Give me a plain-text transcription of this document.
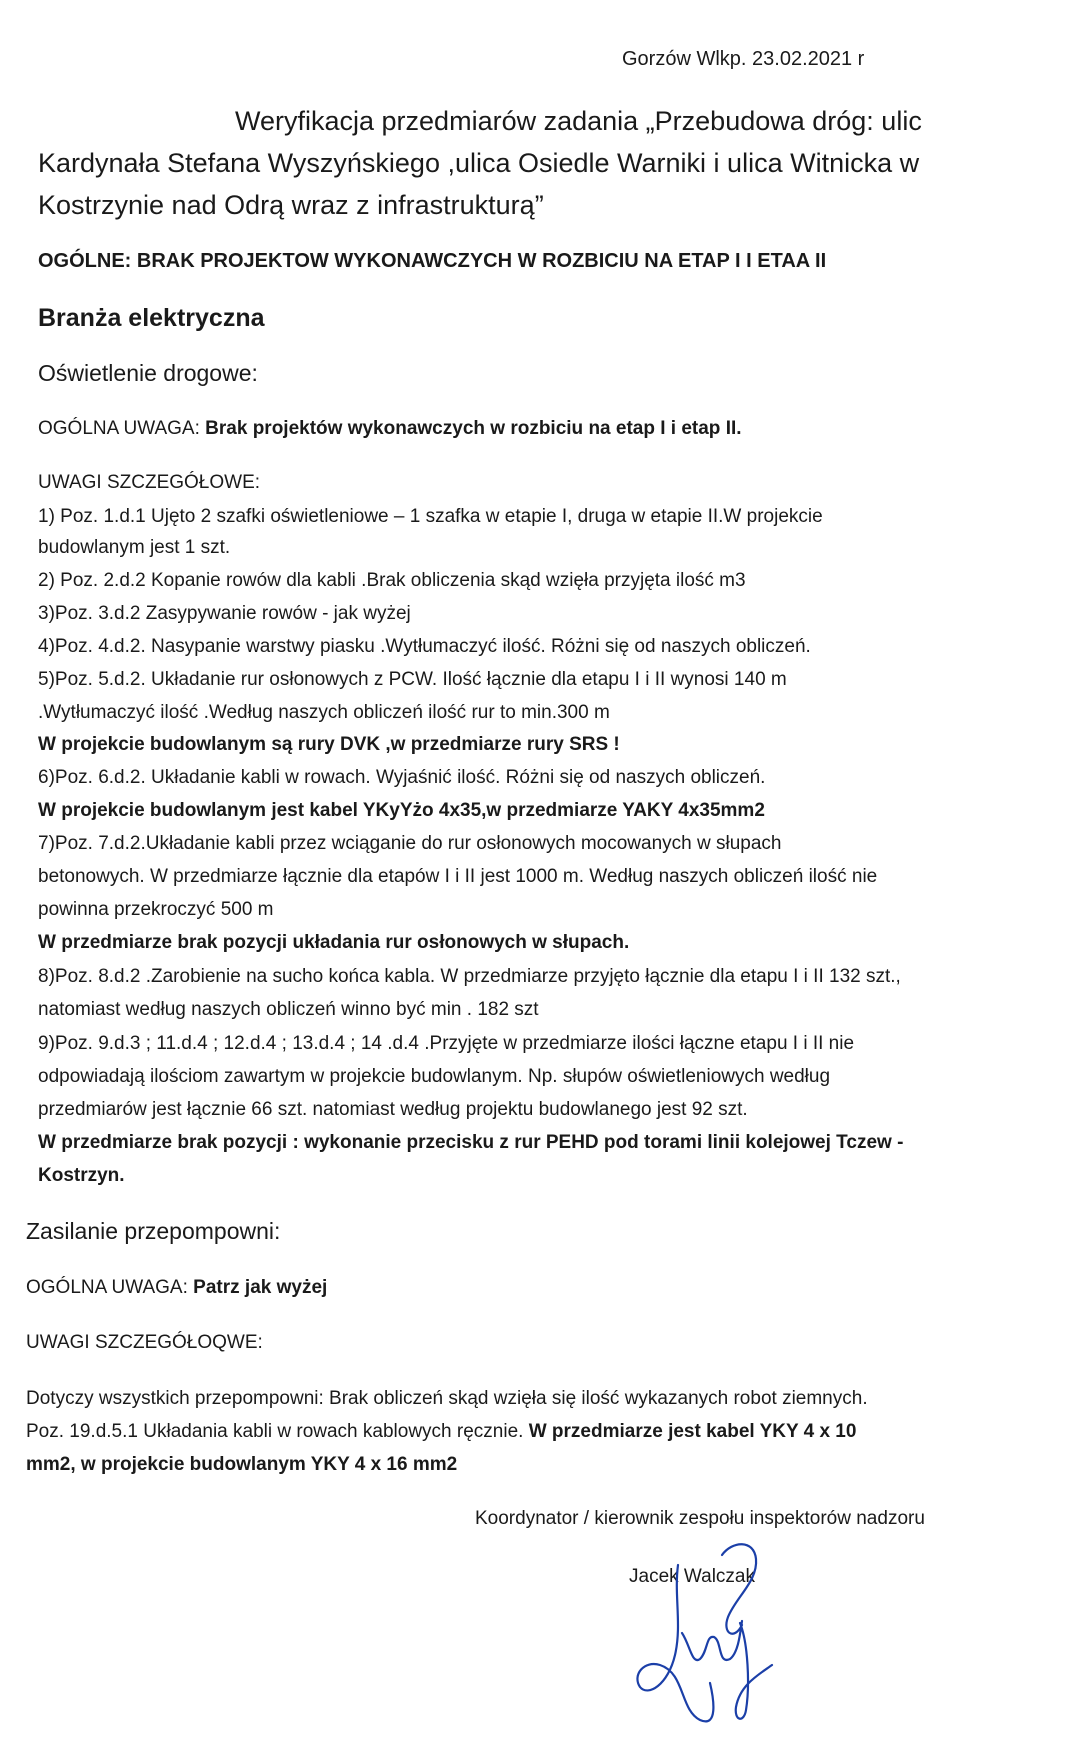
Gorzów Wlkp. 23.02.2021 r
Weryfikacja przedmiarów zadania „Przebudowa dróg: ulic
Kardynała Stefana Wyszyńskiego ,ulica Osiedle Warniki i ulica Witnicka w
Kostrzynie nad Odrą wraz z infrastrukturą”
OGÓLNE: BRAK PROJEKTOW WYKONAWCZYCH W ROZBICIU NA ETAP I I ETAA II
Branża elektryczna
Oświetlenie drogowe:
OGÓLNA UWAGA: Brak projektów wykonawczych w rozbiciu na etap I i etap II.
UWAGI SZCZEGÓŁOWE:
1) Poz. 1.d.1 Ujęto 2 szafki oświetleniowe – 1 szafka w etapie I, druga w etapie II.W projekcie
budowlanym jest 1 szt.
2) Poz. 2.d.2 Kopanie rowów dla kabli .Brak obliczenia skąd wzięła przyjęta ilość m3
3)Poz. 3.d.2 Zasypywanie rowów - jak wyżej
4)Poz. 4.d.2. Nasypanie warstwy piasku .Wytłumaczyć ilość. Różni się od naszych obliczeń.
5)Poz. 5.d.2. Układanie rur osłonowych z PCW. Ilość łącznie dla etapu I i II wynosi 140 m
.Wytłumaczyć ilość .Według naszych obliczeń ilość rur to min.300 m
W projekcie budowlanym są rury DVK ,w przedmiarze rury SRS !
6)Poz. 6.d.2. Układanie kabli w rowach. Wyjaśnić ilość. Różni się od naszych obliczeń.
W projekcie budowlanym jest kabel YKyYżo 4x35,w przedmiarze YAKY 4x35mm2
7)Poz. 7.d.2.Układanie kabli przez wciąganie do rur osłonowych mocowanych w słupach
betonowych. W przedmiarze łącznie dla etapów I i II jest 1000 m. Według naszych obliczeń ilość nie
powinna przekroczyć 500 m
W przedmiarze brak pozycji układania rur osłonowych w słupach.
8)Poz. 8.d.2 .Zarobienie na sucho końca kabla. W przedmiarze przyjęto łącznie dla etapu I i II 132 szt.,
natomiast według naszych obliczeń winno być min . 182 szt
9)Poz. 9.d.3 ; 11.d.4 ; 12.d.4 ; 13.d.4 ; 14 .d.4 .Przyjęte w przedmiarze ilości łączne etapu I i II nie
odpowiadają ilościom zawartym w projekcie budowlanym. Np. słupów oświetleniowych według
przedmiarów jest łącznie 66 szt. natomiast według projektu budowlanego jest 92 szt.
W przedmiarze brak pozycji : wykonanie przecisku z rur PEHD pod torami linii kolejowej Tczew -
Kostrzyn.
Zasilanie przepompowni:
OGÓLNA UWAGA: Patrz jak wyżej
UWAGI SZCZEGÓŁOQWE:
Dotyczy wszystkich przepompowni: Brak obliczeń skąd wzięła się ilość wykazanych robot ziemnych.
Poz. 19.d.5.1 Układania kabli w rowach kablowych ręcznie. W przedmiarze jest kabel YKY 4 x 10
mm2, w projekcie budowlanym YKY 4 x 16 mm2
Koordynator / kierownik zespołu inspektorów nadzoru
Jacek Walczak
